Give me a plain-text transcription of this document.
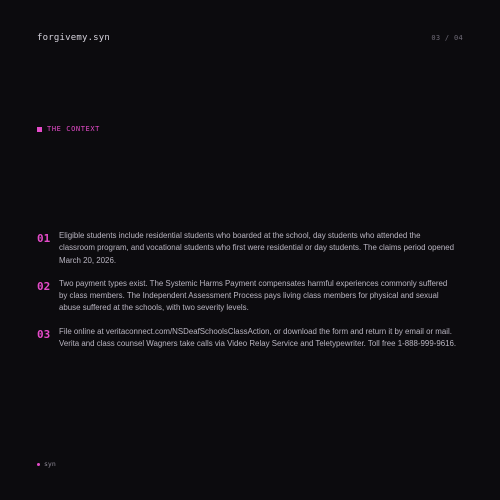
forgivemy.syn	03 / 04
THE CONTEXT
01	Eligible students include residential students who boarded at the school, day students who attended the classroom program, and vocational students who first were residential or day students. The claims period opened March 20, 2026.
02	Two payment types exist. The Systemic Harms Payment compensates harmful experiences commonly suffered by class members. The Independent Assessment Process pays living class members for physical and sexual abuse suffered at the schools, with two severity levels.
03	File online at veritaconnect.com/NSDeafSchoolsClassAction, or download the form and return it by email or mail. Verita and class counsel Wagners take calls via Video Relay Service and Teletypewriter. Toll free 1-888-999-9616.
syn
